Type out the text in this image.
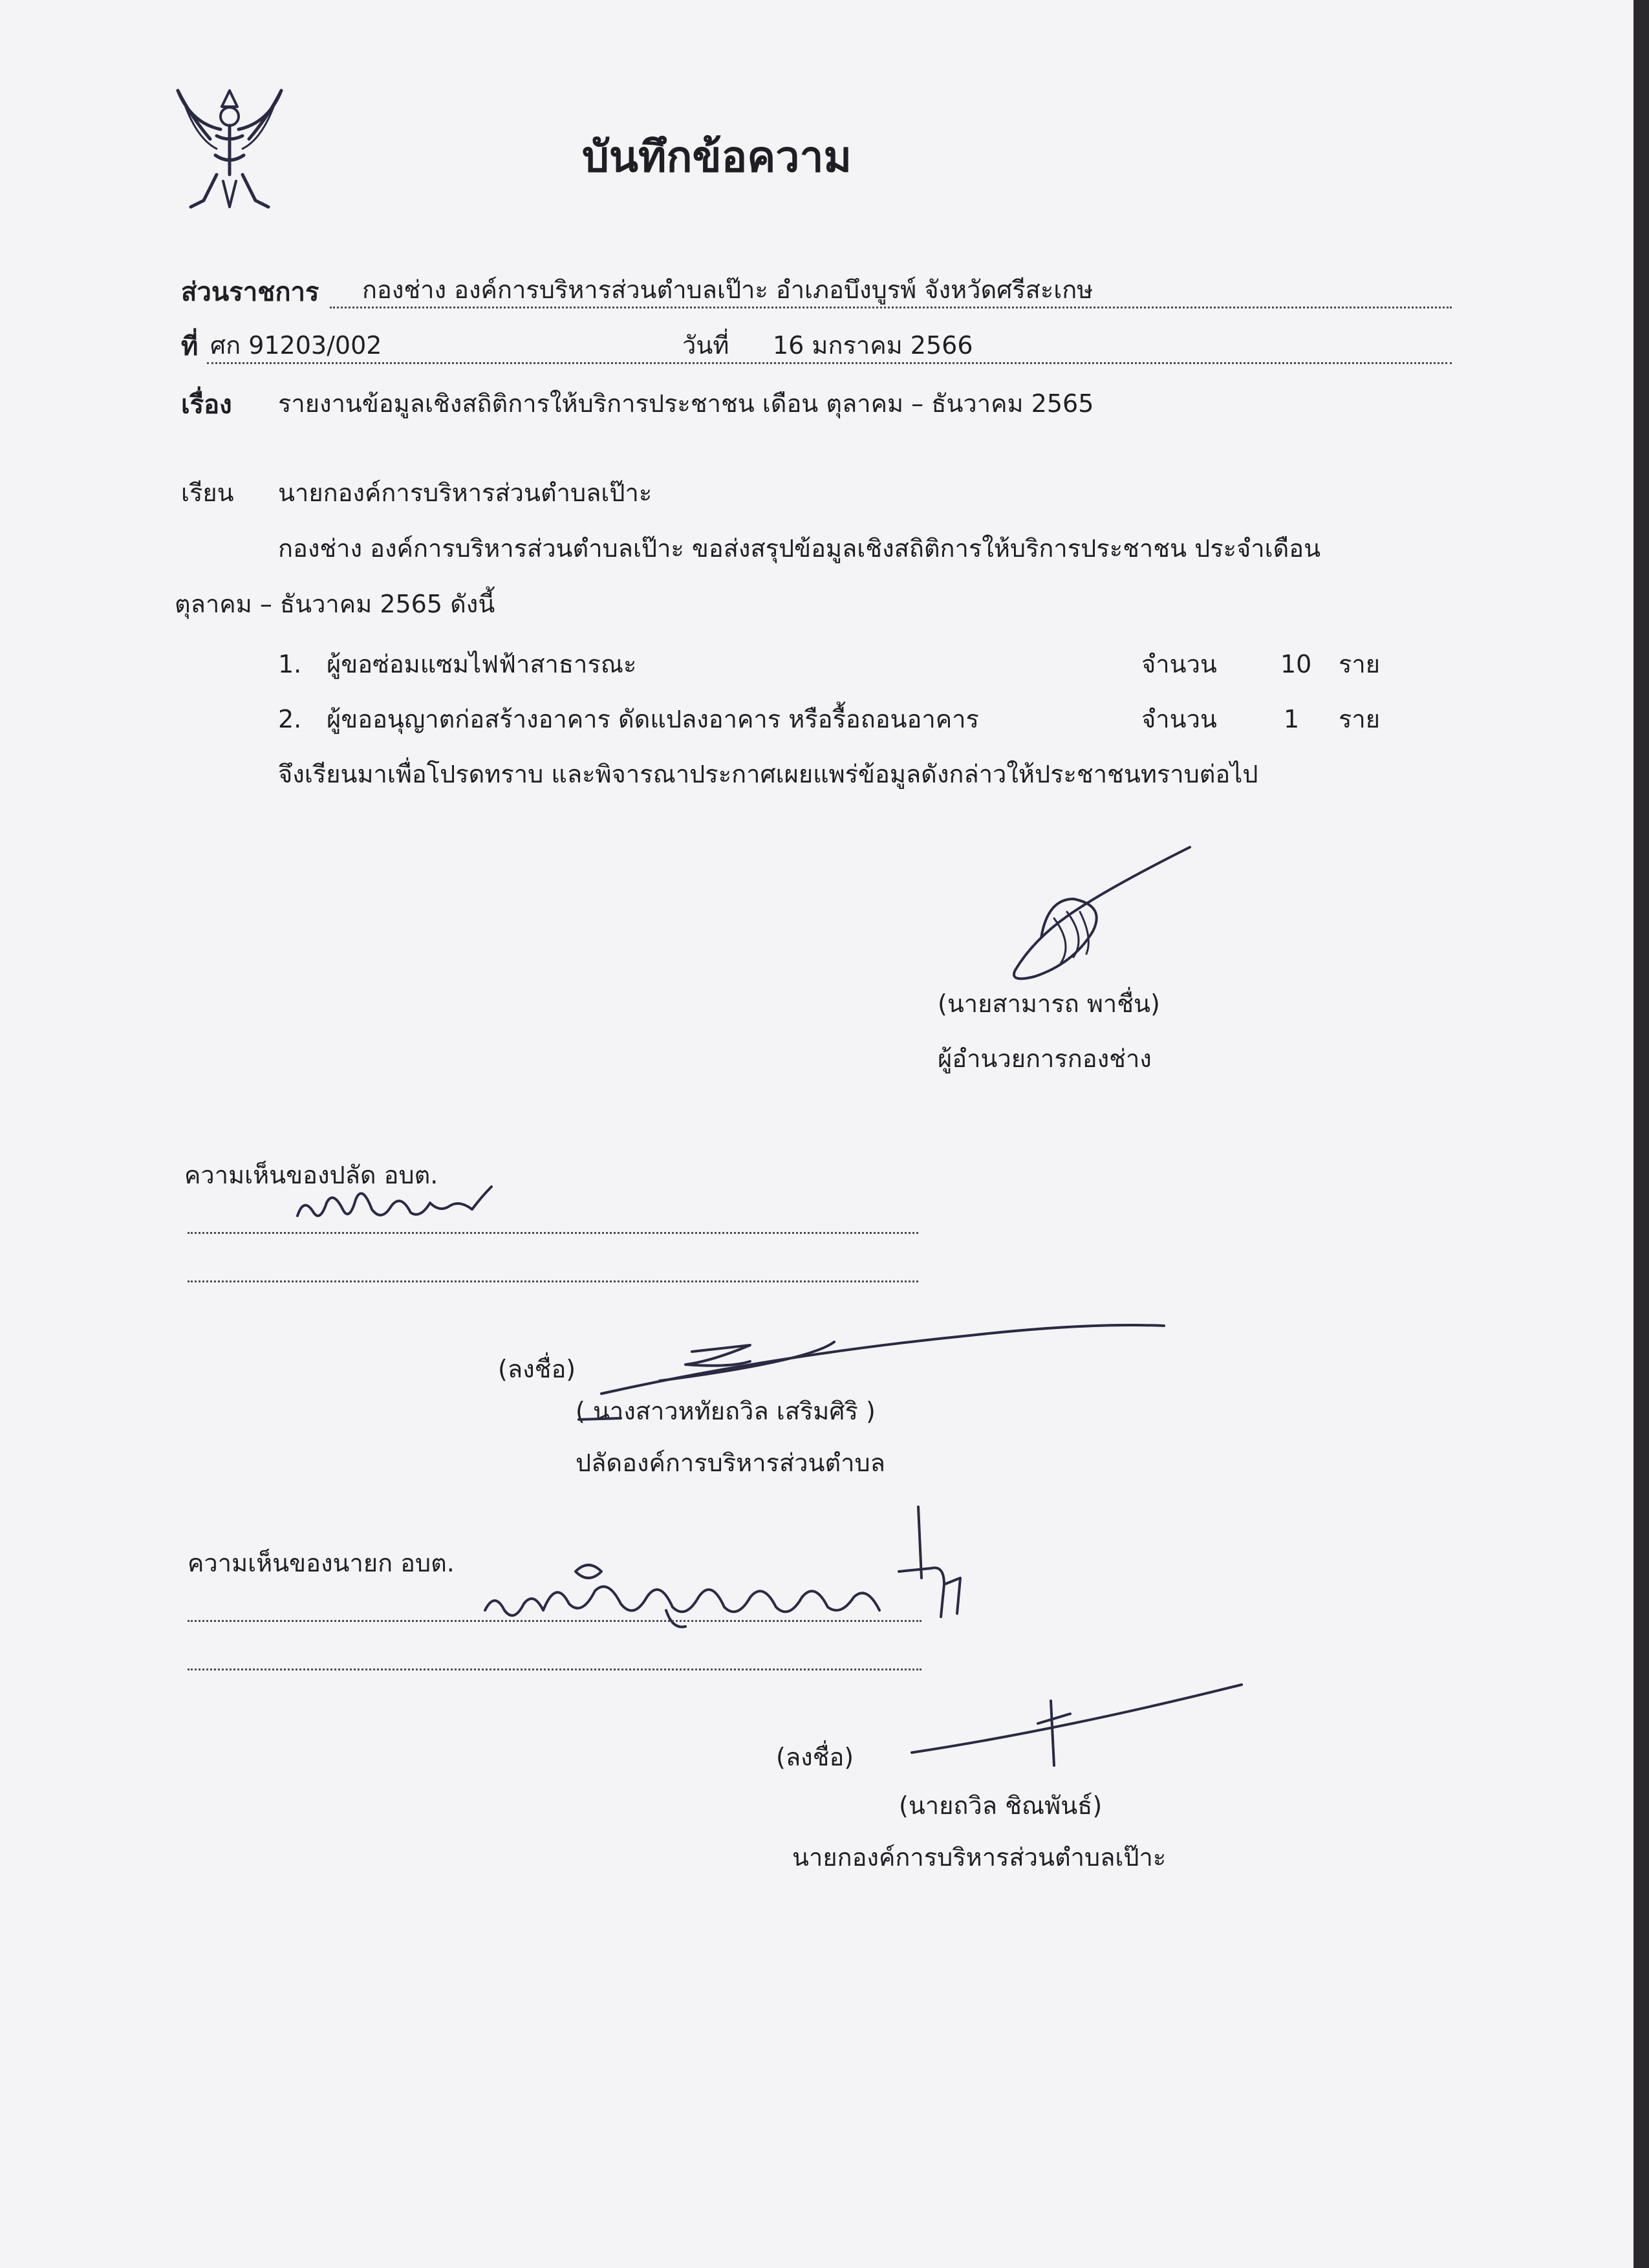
บันทึกข้อความ
ส่วนราชการ กองช่าง องค์การบริหารส่วนตำบลเป๊าะ อำเภอบึงบูรพ์ จังหวัดศรีสะเกษ
ที่ ศก 91203/002	วันที่ 16 มกราคม 2566
เรื่อง รายงานข้อมูลเชิงสถิติการให้บริการประชาชน เดือน ตุลาคม – ธันวาคม 2565
เรียน นายกองค์การบริหารส่วนตำบลเป๊าะ
กองช่าง องค์การบริหารส่วนตำบลเป๊าะ ขอส่งสรุปข้อมูลเชิงสถิติการให้บริการประชาชน ประจำเดือน
ตุลาคม – ธันวาคม 2565 ดังนี้
1. ผู้ขอซ่อมแซมไฟฟ้าสาธารณะ	จำนวน	10 ราย
2. ผู้ขออนุญาตก่อสร้างอาคาร ดัดแปลงอาคาร หรือรื้อถอนอาคาร	จำนวน	1 ราย
จึงเรียนมาเพื่อโปรดทราบ และพิจารณาประกาศเผยแพร่ข้อมูลดังกล่าวให้ประชาชนทราบต่อไป
(นายสามารถ พาชื่น)
ผู้อำนวยการกองช่าง
ความเห็นของปลัด อบต.
(ลงชื่อ)
( นางสาวหทัยถวิล เสริมศิริ )
ปลัดองค์การบริหารส่วนตำบล
ความเห็นของนายก อบต.
(ลงชื่อ)
(นายถวิล ชิณพันธ์)
นายกองค์การบริหารส่วนตำบลเป๊าะ
